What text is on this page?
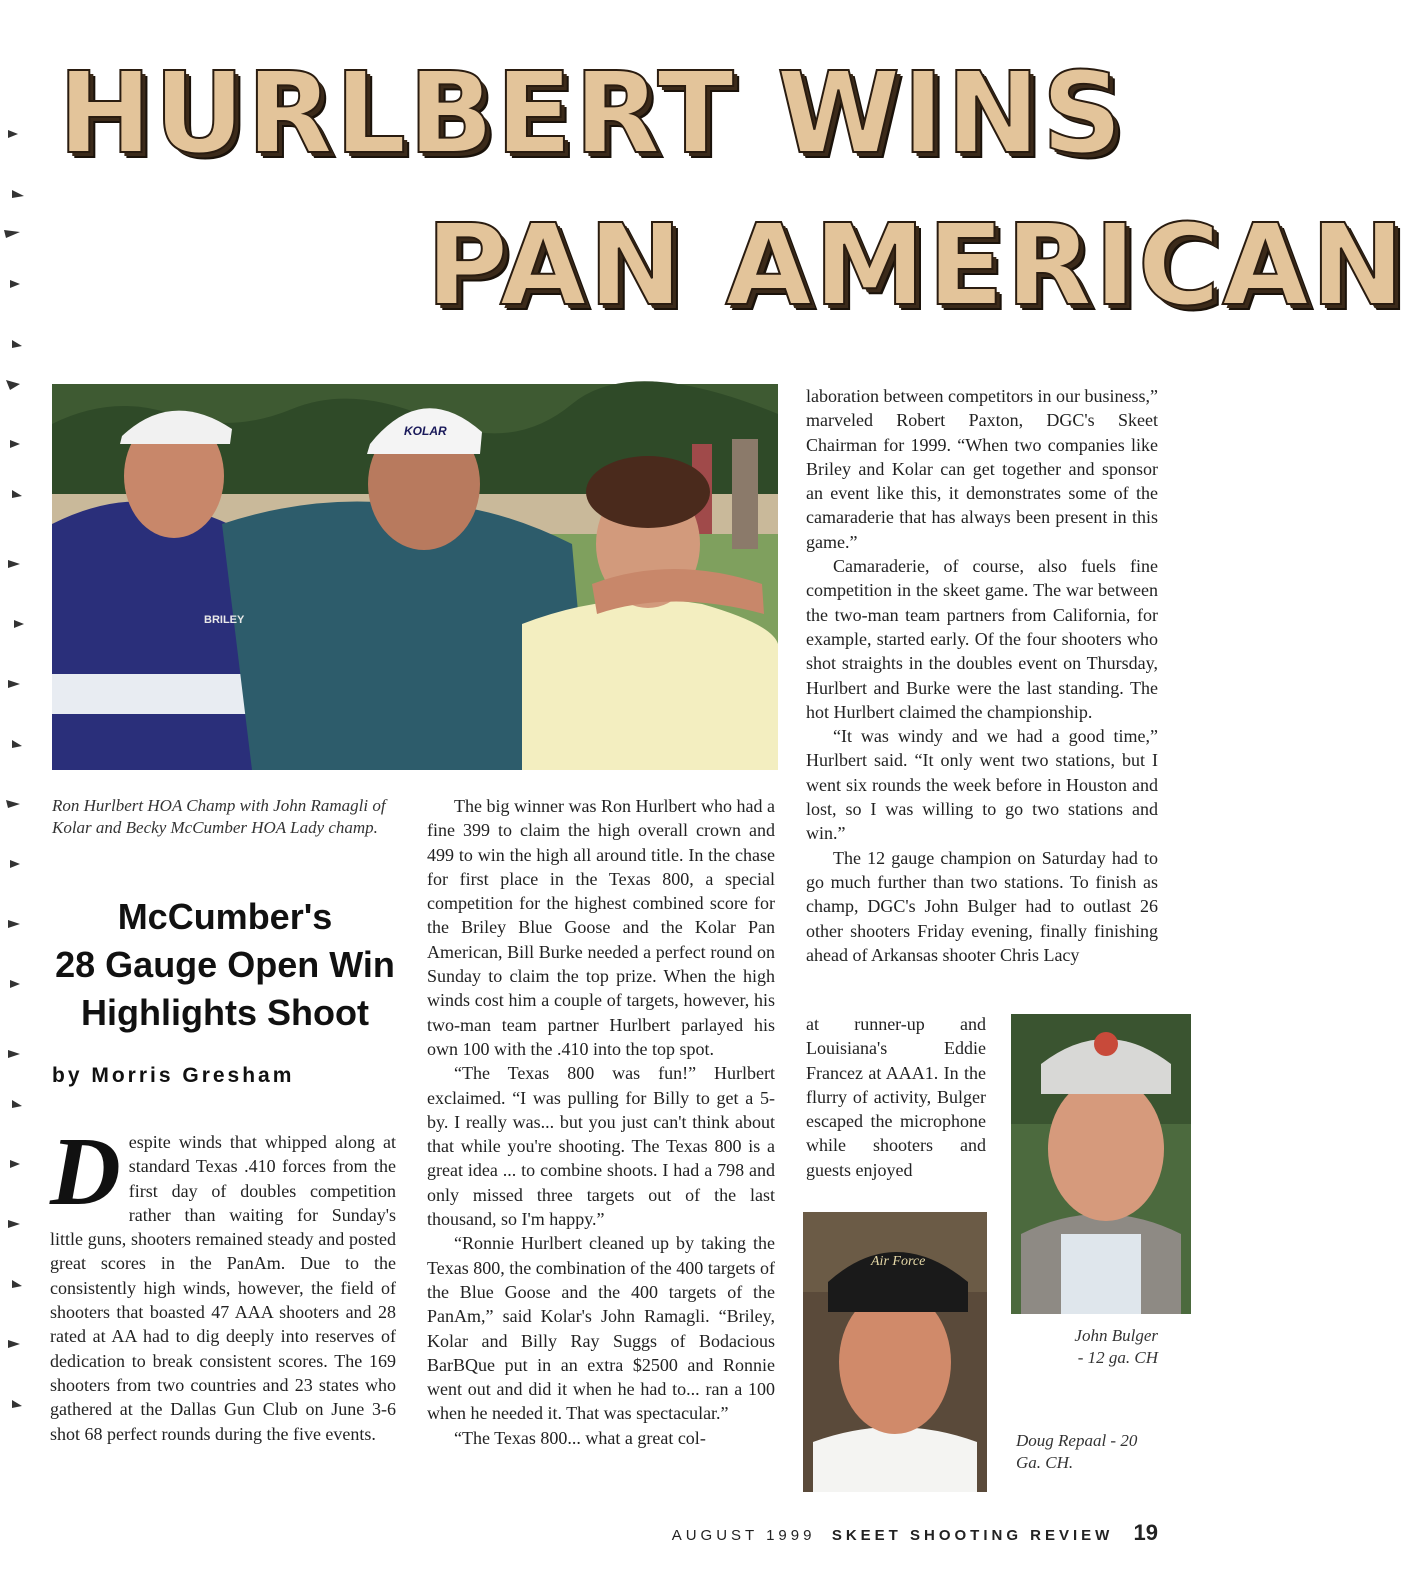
HURLBERT WINS
PAN AMERICAN
BRILEY
KOLAR

Ron Hurlbert HOA Champ with John Ramagli of Kolar and Becky McCumber HOA Lady champ.

McCumber's
28 Gauge Open Win
Highlights Shoot

by Morris Gresham

D espite winds that whipped along at standard Texas .410 forces from the first day of doubles competition rather than waiting for Sunday's little guns, shooters remained steady and posted great scores in the PanAm. Due to the consistently high winds, however, the field of shooters that boasted 47 AAA shooters and 28 rated at AA had to dig deeply into reserves of dedication to break consistent scores. The 169 shooters from two countries and 23 states who gathered at the Dallas Gun Club on June 3-6 shot 68 perfect rounds during the five events.

The big winner was Ron Hurlbert who had a fine 399 to claim the high overall crown and 499 to win the high all around title. In the chase for first place in the Texas 800, a special competition for the highest combined score for the Briley Blue Goose and the Kolar Pan American, Bill Burke needed a perfect round on Sunday to claim the top prize. When the high winds cost him a couple of targets, however, his two-man team partner Hurlbert parlayed his own 100 with the .410 into the top spot.

“The Texas 800 was fun!” Hurlbert exclaimed. “I was pulling for Billy to get a 5-by. I really was... but you just can't think about that while you're shooting. The Texas 800 is a great idea ... to combine shoots. I had a 798 and only missed three targets out of the last thousand, so I'm happy.”

“Ronnie Hurlbert cleaned up by taking the Texas 800, the combination of the 400 targets of the Blue Goose and the 400 targets of the PanAm,” said Kolar's John Ramagli. “Briley, Kolar and Billy Ray Suggs of Bodacious BarBQue put in an extra $2500 and Ronnie went out and did it when he had to... ran a 100 when he needed it. That was spectacular.”

“The Texas 800... what a great col-

laboration between competitors in our business,” marveled Robert Paxton, DGC's Skeet Chairman for 1999. “When two companies like Briley and Kolar can get together and sponsor an event like this, it demonstrates some of the camaraderie that has always been present in this game.”

Camaraderie, of course, also fuels fine competition in the skeet game. The war between the two-man team partners from California, for example, started early. Of the four shooters who shot straights in the doubles event on Thursday, Hurlbert and Burke were the last standing. The hot Hurlbert claimed the championship.

“It was windy and we had a good time,” Hurlbert said. “It only went two stations, but I went six rounds the week before in Houston and lost, so I was willing to go two stations and win.”

The 12 gauge champion on Saturday had to go much further than two stations. To finish as champ, DGC's John Bulger had to outlast 26 other shooters Friday evening, finally finishing ahead of Arkansas shooter Chris Lacy

at runner-up and Louisiana's Eddie Francez at AAA1. In the flurry of activity, Bulger escaped the microphone while shooters and guests enjoyed

John Bulger
- 12 ga. CH

Air Force

Doug Repaal - 20
Ga. CH.

AUGUST 1999 SKEET SHOOTING REVIEW 19
